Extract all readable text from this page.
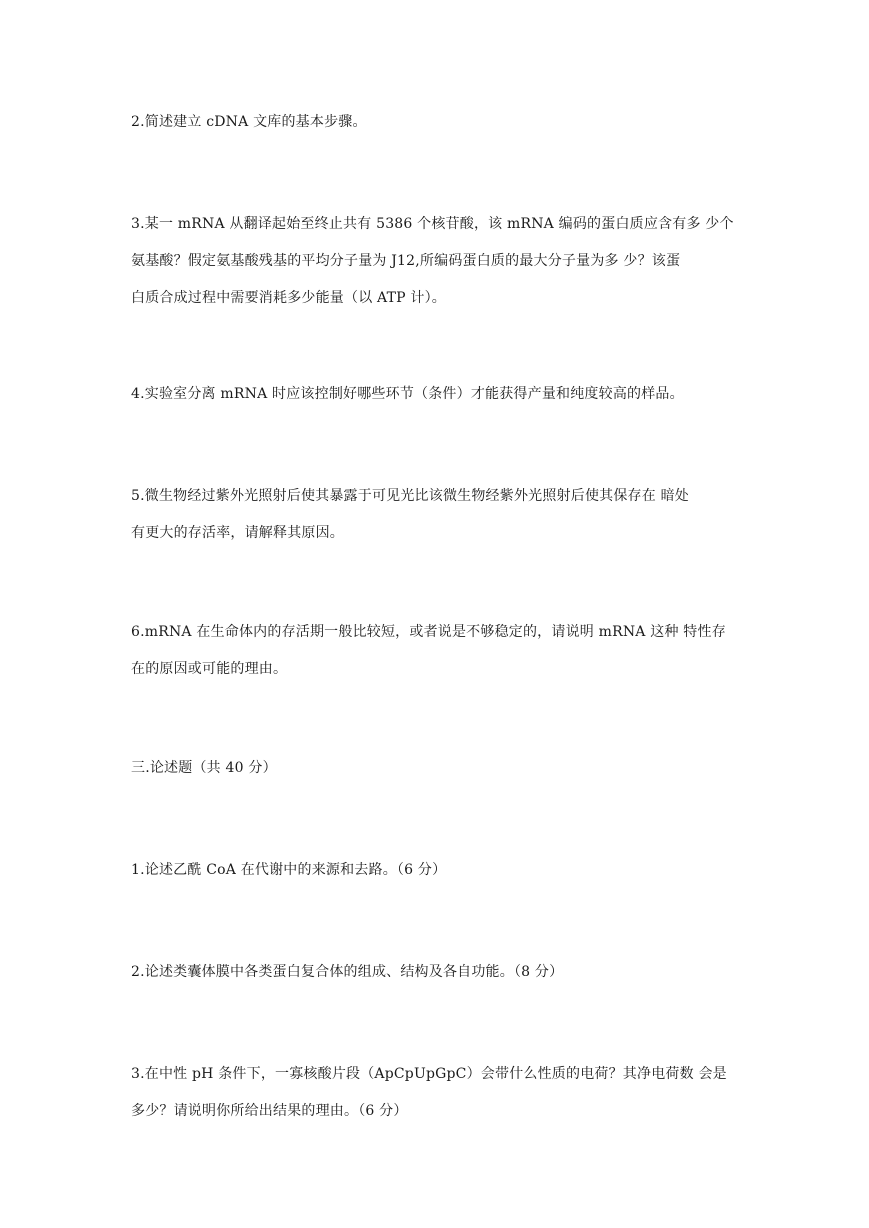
2.简述建立 cDNA 文库的基本步骤。
3.某一 mRNA 从翻译起始至终止共有 5386 个核苷酸，该 mRNA 编码的蛋白质应含有多 少个
氨基酸？假定氨基酸残基的平均分子量为 J12,所编码蛋白质的最大分子量为多 少？该蛋
白质合成过程中需要消耗多少能量（以 ATP 计）。
4.实验室分离 mRNA 时应该控制好哪些环节（条件）才能获得产量和纯度较高的样品。
5.微生物经过紫外光照射后使其暴露于可见光比该微生物经紫外光照射后使其保存在 暗处
有更大的存活率，请解释其原因。
6.mRNA 在生命体内的存活期一般比较短，或者说是不够稳定的，请说明 mRNA 这种 特性存
在的原因或可能的理由。
三.论述题（共 40 分）
1.论述乙酰 CoA 在代谢中的来源和去路。（6 分）
2.论述类囊体膜中各类蛋白复合体的组成、结构及各自功能。（8 分）
3.在中性 pH 条件下，一寡核酸片段（ApCpUpGpC）会带什么性质的电荷？其净电荷数 会是
多少？请说明你所给出结果的理由。（6 分）
